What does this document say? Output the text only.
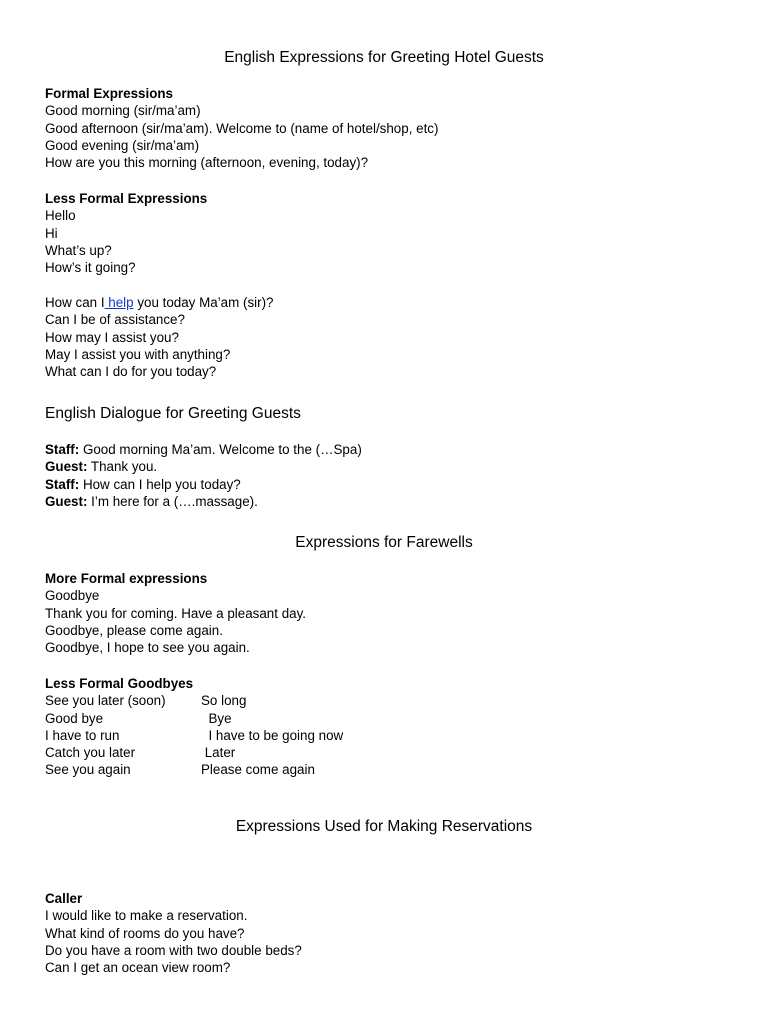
English Expressions for Greeting Hotel Guests

Formal Expressions

Good morning (sir/ma’am)

Good afternoon (sir/ma’am). Welcome to (name of hotel/shop, etc)

Good evening (sir/ma’am)

How are you this morning (afternoon, evening, today)?

Less Formal Expressions

Hello

Hi

What’s up?

How’s it going?

How can I help you today Ma’am (sir)?

Can I be of assistance?

How may I assist you?

May I assist you with anything?

What can I do for you today?

English Dialogue for Greeting Guests

Staff: Good morning Ma’am. Welcome to the (…Spa)

Guest: Thank you.

Staff: How can I help you today?

Guest: I’m here for a (….massage).

Expressions for Farewells

More Formal expressions

Goodbye

Thank you for coming. Have a pleasant day.

Goodbye, please come again.

Goodbye, I hope to see you again.

Less Formal Goodbyes

See you later (soon)	So long

Good bye	Bye

I have to run	I have to be going now

Catch you later	Later

See you again	Please come again

Expressions Used for Making Reservations

Caller

I would like to make a reservation.

What kind of rooms do you have?

Do you have a room with two double beds?

Can I get an ocean view room?
